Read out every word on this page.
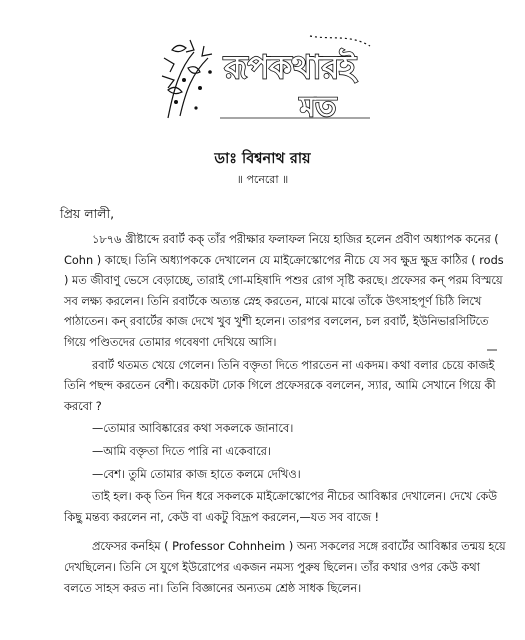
রূপকথারই
মত
ডাঃ বিশ্বনাথ রায়
॥ পনেরো ॥
প্রিয় লালী,

১৮৭৬ খ্রীষ্টাব্দে রবার্ট কক্‌ তাঁর পরীক্ষার ফলাফল নিয়ে হাজির হলেন প্রবীণ অধ্যাপক কনের ( Cohn ) কাছে। তিনি অধ্যাপককে দেখালেন যে মাইক্রোস্কোপের নীচে যে সব ক্ষুদ্র ক্ষুদ্র কাঠির ( rods ) মত জীবাণু ভেসে বেড়াচ্ছে, তারাই গো-মহিষাদি পশুর রোগ সৃষ্টি করছে। প্রফেসর কন্‌ পরম বিস্ময়ে সব লক্ষ্য করলেন। তিনি রবার্টকে অত্যন্ত স্নেহ করতেন, মাঝে মাঝে তাঁকে উৎসাহপূর্ণ চিঠি লিখে পাঠাতেন। কন্‌ রবার্টের কাজ দেখে খুব খুশী হলেন। তারপর বললেন, চল রবার্ট, ইউনিভারসিটিতে গিয়ে পণ্ডিতদের তোমার গবেষণা দেখিয়ে আসি।

রবার্ট থতমত খেয়ে গেলেন। তিনি বক্তৃতা দিতে পারতেন না একদম। কথা বলার চেয়ে কাজই তিনি পছন্দ করতেন বেশী। কয়েকটা ঢোক গিলে প্রফেসরকে বললেন, স্যার, আমি সেখানে গিয়ে কী করবো ?

—তোমার আবিষ্কারের কথা সকলকে জানাবে।

—আমি বক্তৃতা দিতে পারি না একেবারে।

—বেশ। তুমি তোমার কাজ হাতে কলমে দেখিও।

তাই হল। কক্‌ তিন দিন ধরে সকলকে মাইক্রোস্কোপের নীচের আবিষ্কার দেখালেন। দেখে কেউ কিছু মন্তব্য করলেন না, কেউ বা একটু বিদ্রূপ করলেন,—যত সব বাজে !

প্রফেসর কনহিম ( Professor Cohnheim ) অন্য সকলের সঙ্গে রবার্টের আবিষ্কার তন্ময় হয়ে দেখছিলেন। তিনি সে যুগে ইউরোপের একজন নমস্য পুরুষ ছিলেন। তাঁর কথার ওপর কেউ কথা বলতে সাহস করত না। তিনি বিজ্ঞানের অন্যতম শ্রেষ্ঠ সাধক ছিলেন।
